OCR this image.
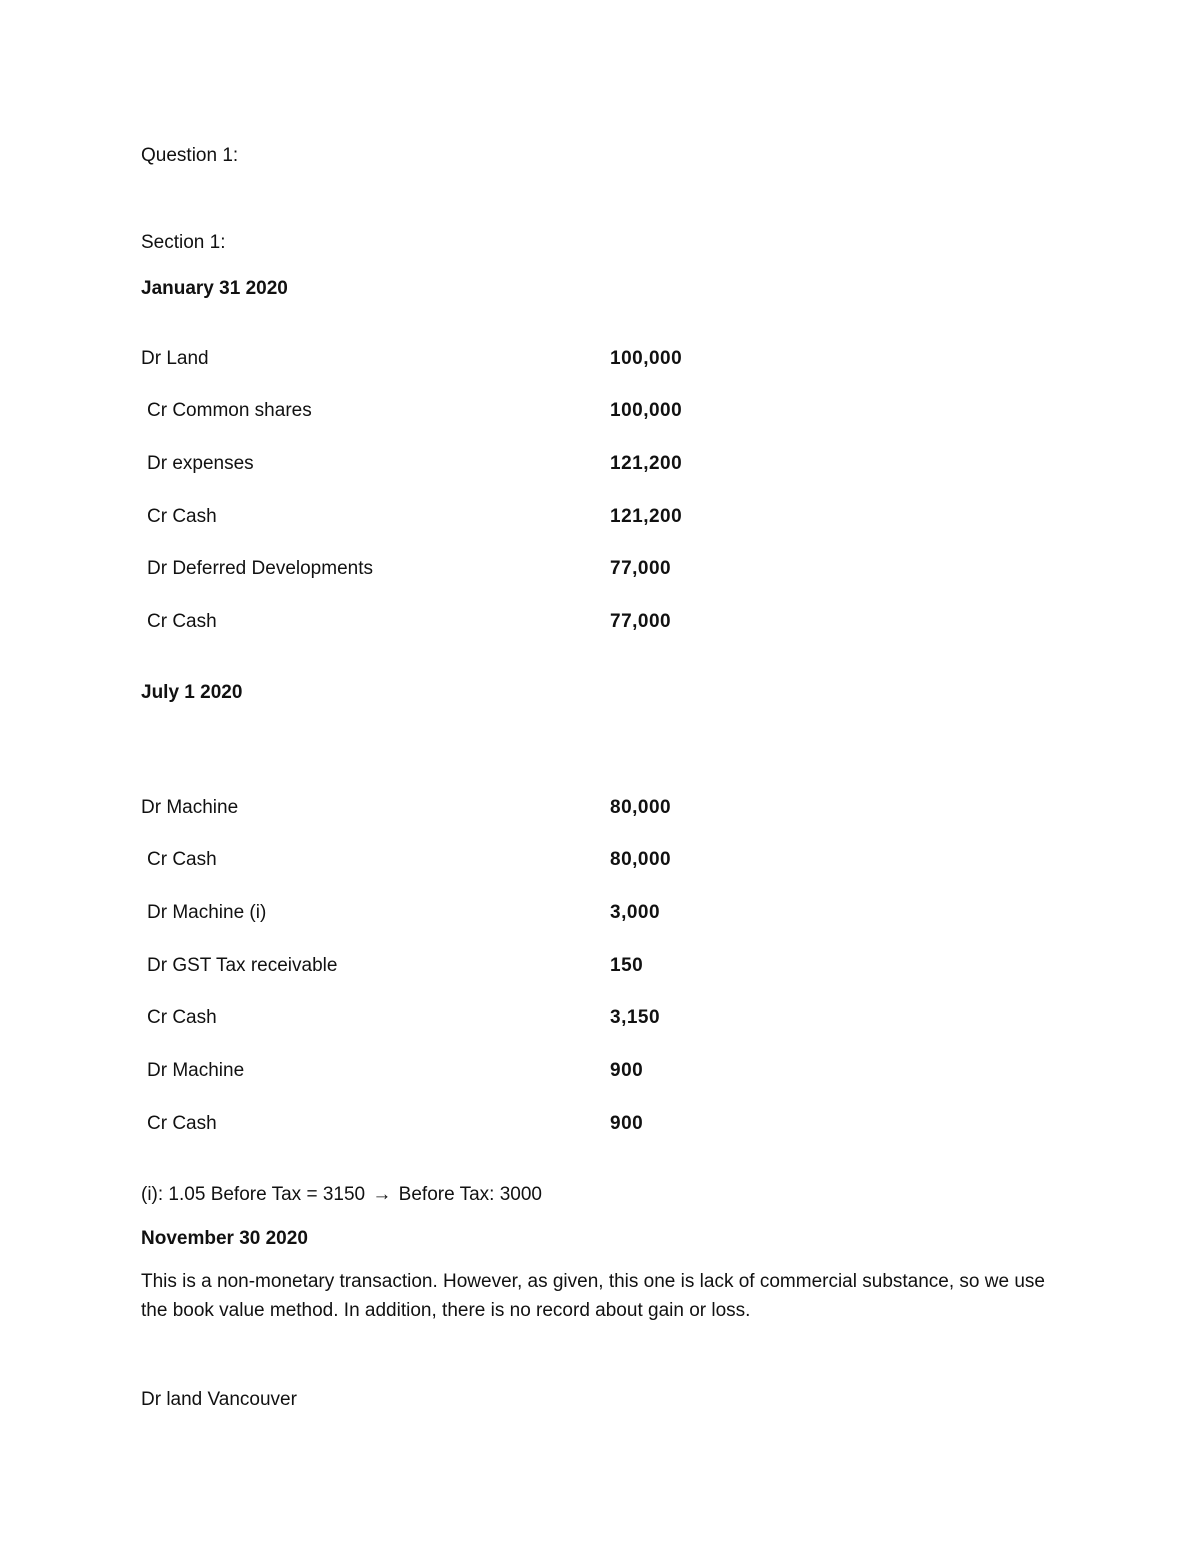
Question 1:
Section 1:
January 31 2020
Dr Land	100,000
Cr Common shares	100,000
Dr expenses	121,200
Cr Cash	121,200
Dr Deferred Developments	77,000
Cr Cash	77,000
July 1 2020
Dr Machine	80,000
Cr Cash	80,000
Dr Machine (i)	3,000
Dr GST Tax receivable	150
Cr Cash	3,150
Dr Machine	900
Cr Cash	900
(i): 1.05 Before Tax = 3150 → Before Tax: 3000
November 30 2020
This is a non-monetary transaction. However, as given, this one is lack of commercial substance, so we use the book value method. In addition, there is no record about gain or loss.
Dr land Vancouver
